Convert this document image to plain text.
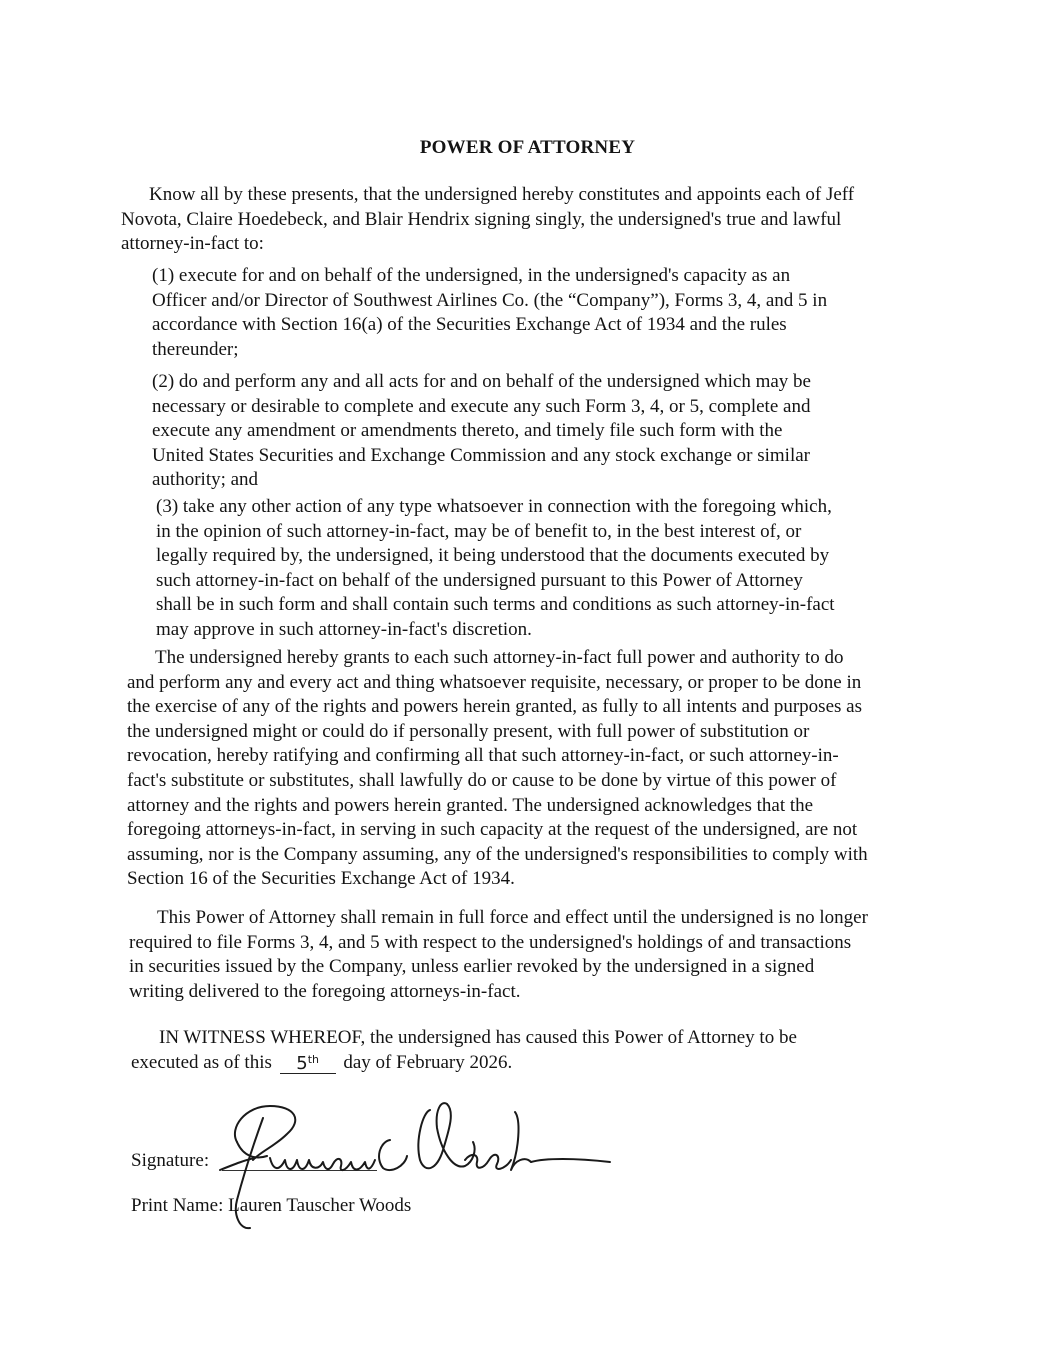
POWER OF ATTORNEY
Know all by these presents, that the undersigned hereby constitutes and appoints each of Jeff
Novota, Claire Hoedebeck, and Blair Hendrix signing singly, the undersigned's true and lawful
attorney-in-fact to:
(1) execute for and on behalf of the undersigned, in the undersigned's capacity as an
Officer and/or Director of Southwest Airlines Co. (the “Company”), Forms 3, 4, and 5 in
accordance with Section 16(a) of the Securities Exchange Act of 1934 and the rules
thereunder;
(2) do and perform any and all acts for and on behalf of the undersigned which may be
necessary or desirable to complete and execute any such Form 3, 4, or 5, complete and
execute any amendment or amendments thereto, and timely file such form with the
United States Securities and Exchange Commission and any stock exchange or similar
authority; and
(3) take any other action of any type whatsoever in connection with the foregoing which,
in the opinion of such attorney-in-fact, may be of benefit to, in the best interest of, or
legally required by, the undersigned, it being understood that the documents executed by
such attorney-in-fact on behalf of the undersigned pursuant to this Power of Attorney
shall be in such form and shall contain such terms and conditions as such attorney-in-fact
may approve in such attorney-in-fact's discretion.
The undersigned hereby grants to each such attorney-in-fact full power and authority to do
and perform any and every act and thing whatsoever requisite, necessary, or proper to be done in
the exercise of any of the rights and powers herein granted, as fully to all intents and purposes as
the undersigned might or could do if personally present, with full power of substitution or
revocation, hereby ratifying and confirming all that such attorney-in-fact, or such attorney-in-
fact's substitute or substitutes, shall lawfully do or cause to be done by virtue of this power of
attorney and the rights and powers herein granted. The undersigned acknowledges that the
foregoing attorneys-in-fact, in serving in such capacity at the request of the undersigned, are not
assuming, nor is the Company assuming, any of the undersigned's responsibilities to comply with
Section 16 of the Securities Exchange Act of 1934.
This Power of Attorney shall remain in full force and effect until the undersigned is no longer
required to file Forms 3, 4, and 5 with respect to the undersigned's holdings of and transactions
in securities issued by the Company, unless earlier revoked by the undersigned in a signed
writing delivered to the foregoing attorneys-in-fact.
IN WITNESS WHEREOF, the undersigned has caused this Power of Attorney to be
executed as of this 5th day of February 2026.
Signature:
Print Name: Lauren Tauscher Woods
